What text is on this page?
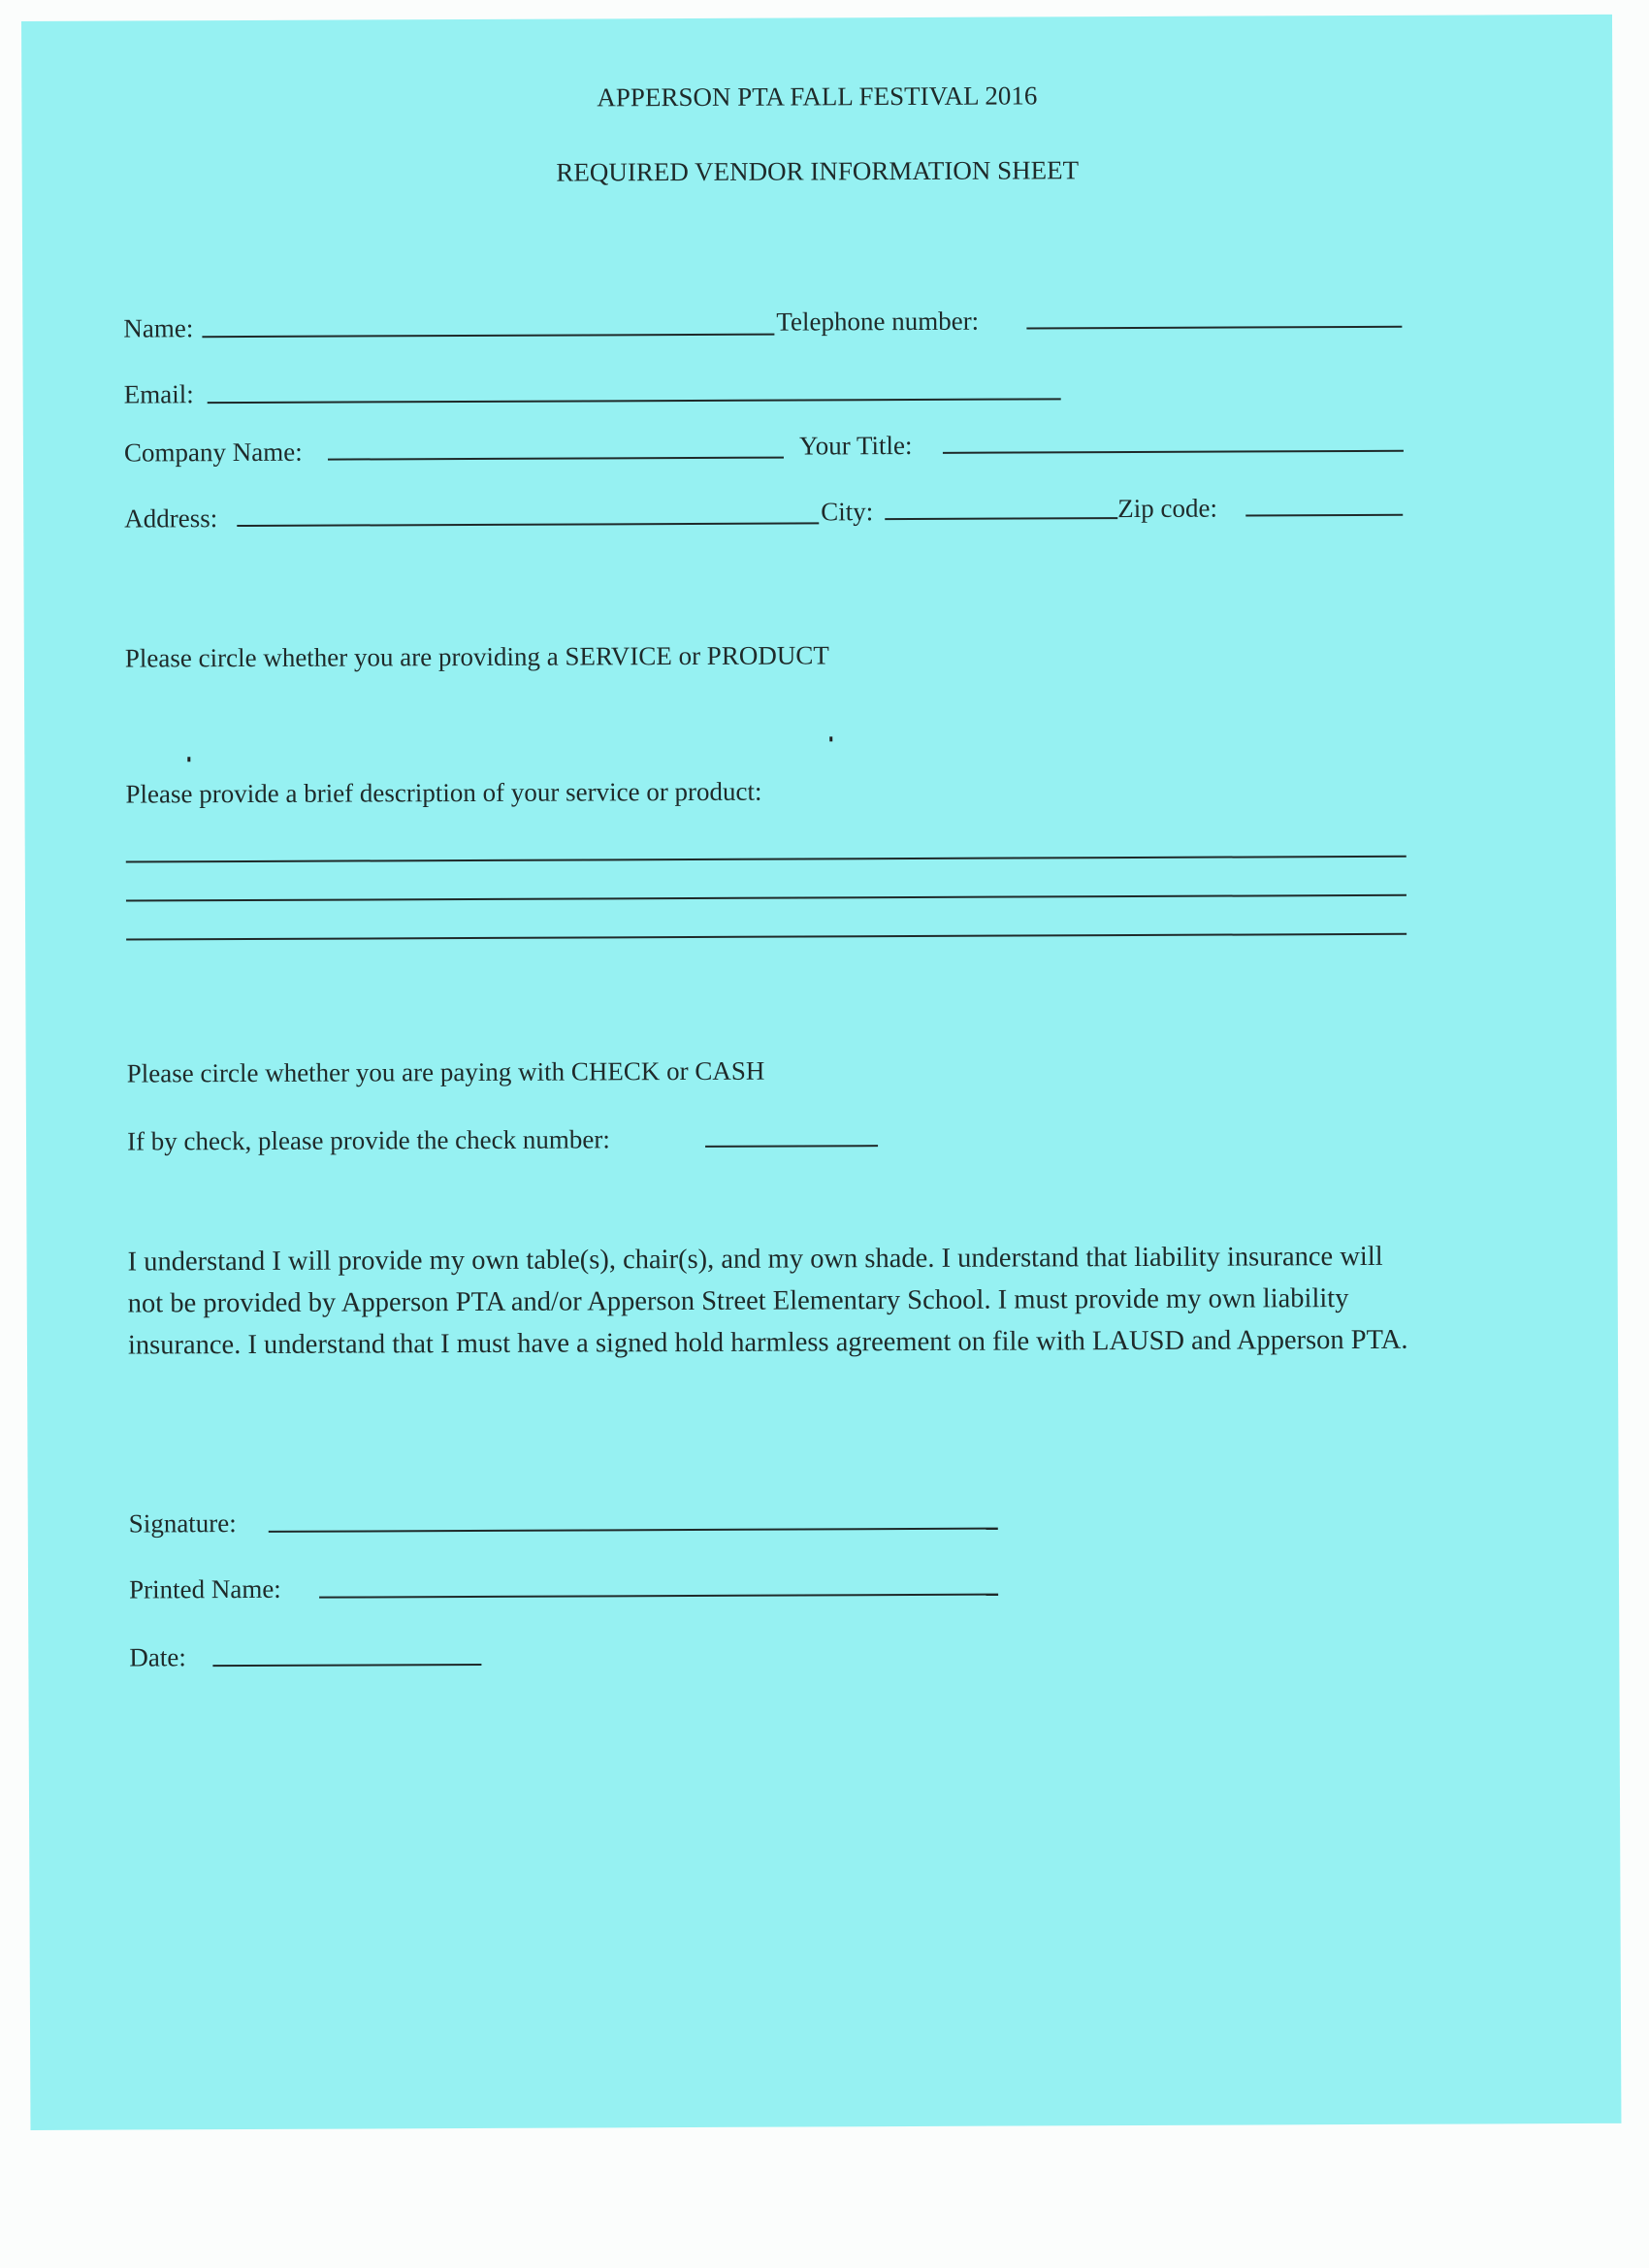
APPERSON PTA FALL FESTIVAL 2016
REQUIRED VENDOR INFORMATION SHEET
Name:	Telephone number:
Email:
Company Name:	Your Title:
Address:	City:	Zip code:
Please circle whether you are providing a SERVICE or PRODUCT
Please provide a brief description of your service or product:
Please circle whether you are paying with CHECK or CASH
If by check, please provide the check number:
I understand I will provide my own table(s), chair(s), and my own shade. I understand that liability insurance will not be provided by Apperson PTA and/or Apperson Street Elementary School. I must provide my own liability insurance. I understand that I must have a signed hold harmless agreement on file with LAUSD and Apperson PTA.
Signature:
Printed Name:
Date:
